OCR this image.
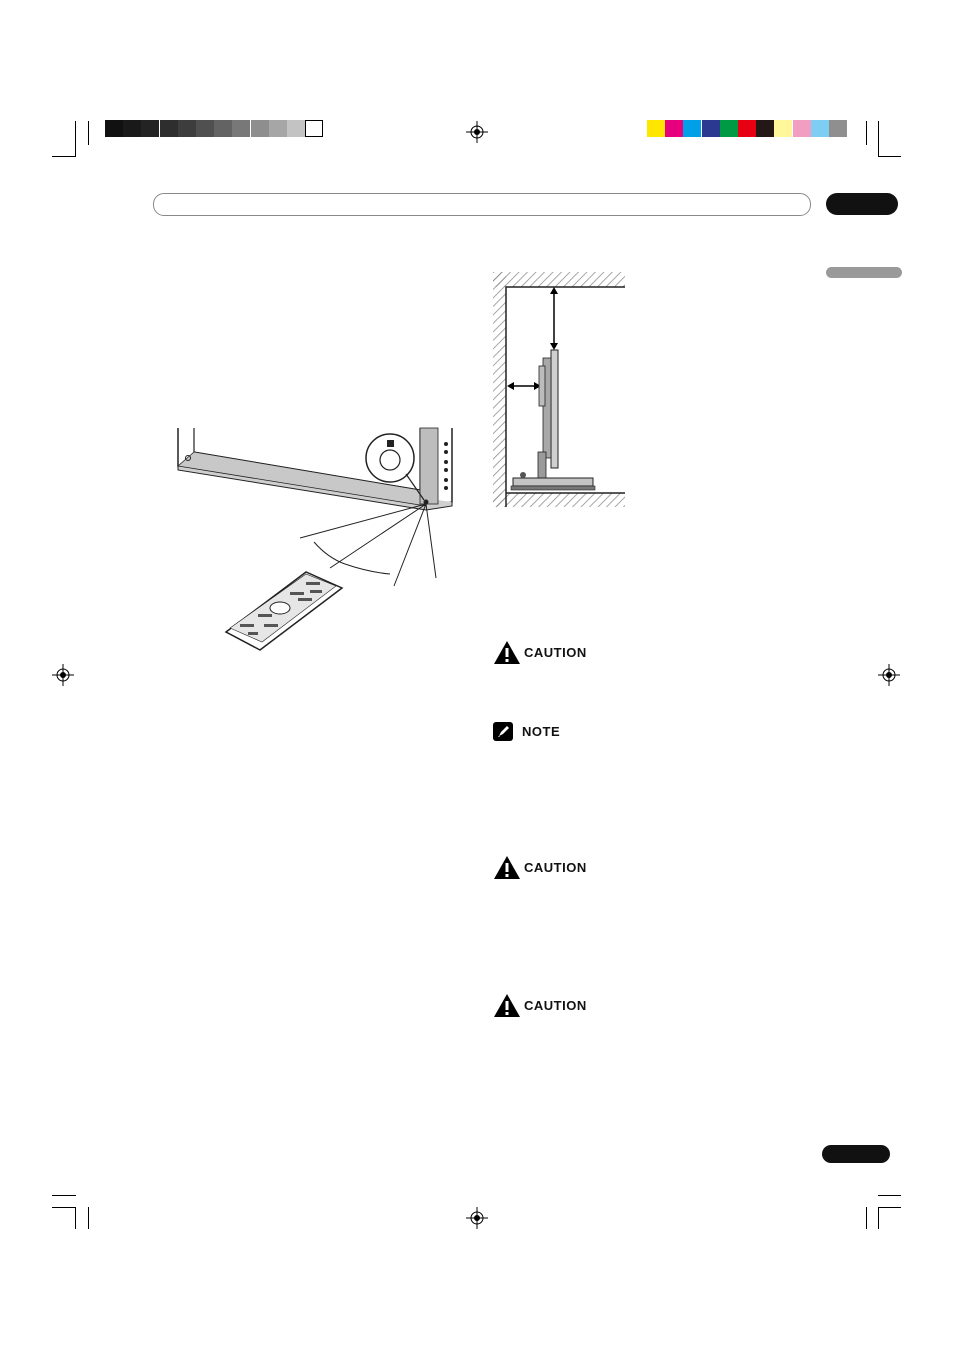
CAUTION
NOTE
CAUTION
CAUTION
